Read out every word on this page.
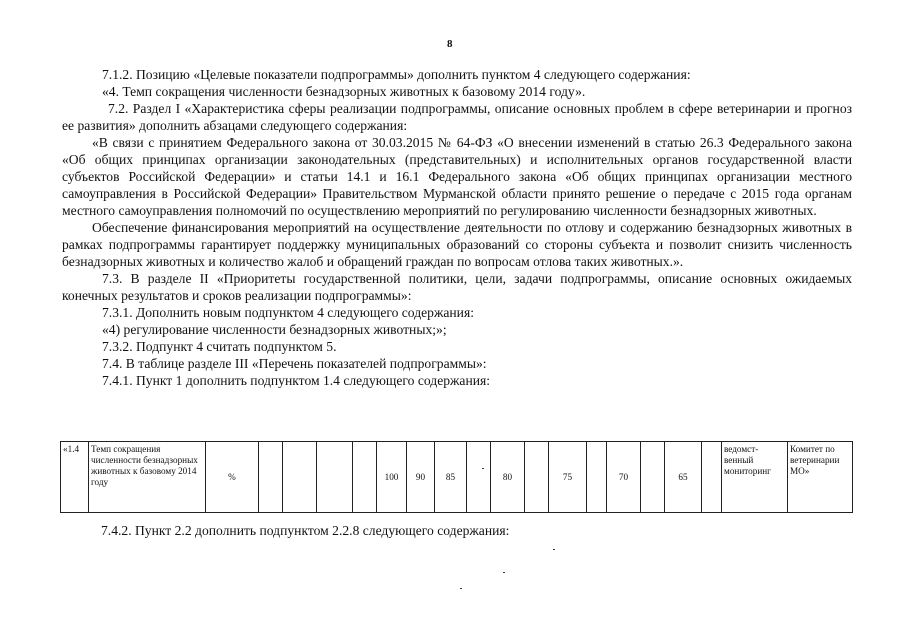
8

7.1.2. Позицию «Целевые показатели подпрограммы» дополнить пунктом 4 следующего содержания:

«4. Темп сокращения численности безнадзорных животных к базовому 2014 году».

7.2. Раздел I «Характеристика сферы реализации подпрограммы, описание основных проблем в сфере ветеринарии и прогноз ее развития» дополнить абзацами следующего содержания:

«В связи с принятием Федерального закона от 30.03.2015 № 64-ФЗ «О внесении изменений в статью 26.3 Федерального закона «Об общих принципах организации законодательных (представительных) и исполнительных органов государственной власти субъектов Российской Федерации» и статьи 14.1 и 16.1 Федерального закона «Об общих принципах организации местного самоуправления в Российской Федерации» Правительством Мурманской области принято решение о передаче с 2015 года органам местного самоуправления полномочий по осуществлению мероприятий по регулированию численности безнадзорных животных.

Обеспечение финансирования мероприятий на осуществление деятельности по отлову и содержанию безнадзорных животных в рамках подпрограммы гарантирует поддержку муниципальных образований со стороны субъекта и позволит снизить численность безнадзорных животных и количество жалоб и обращений граждан по вопросам отлова таких животных.».

7.3. В разделе II «Приоритеты государственной политики, цели, задачи подпрограммы, описание основных ожидаемых конечных результатов и сроков реализации подпрограммы»:

7.3.1. Дополнить новым подпунктом 4 следующего содержания:

«4) регулирование численности безнадзорных животных;»;

7.3.2. Подпункт 4 считать подпунктом 5.

7.4. В таблице разделе III «Перечень показателей подпрограммы»:

7.4.1. Пункт 1 дополнить подпунктом 1.4 следующего содержания:

«1.4	Темп сокращения численности безнадзорных животных к базовому 2014 году	%					100	90	85		80		75		70		65		ведомст-венный мониторинг	Комитет по ветеринарии МО»
7.4.2. Пункт 2.2 дополнить подпунктом 2.2.8 следующего содержания:
